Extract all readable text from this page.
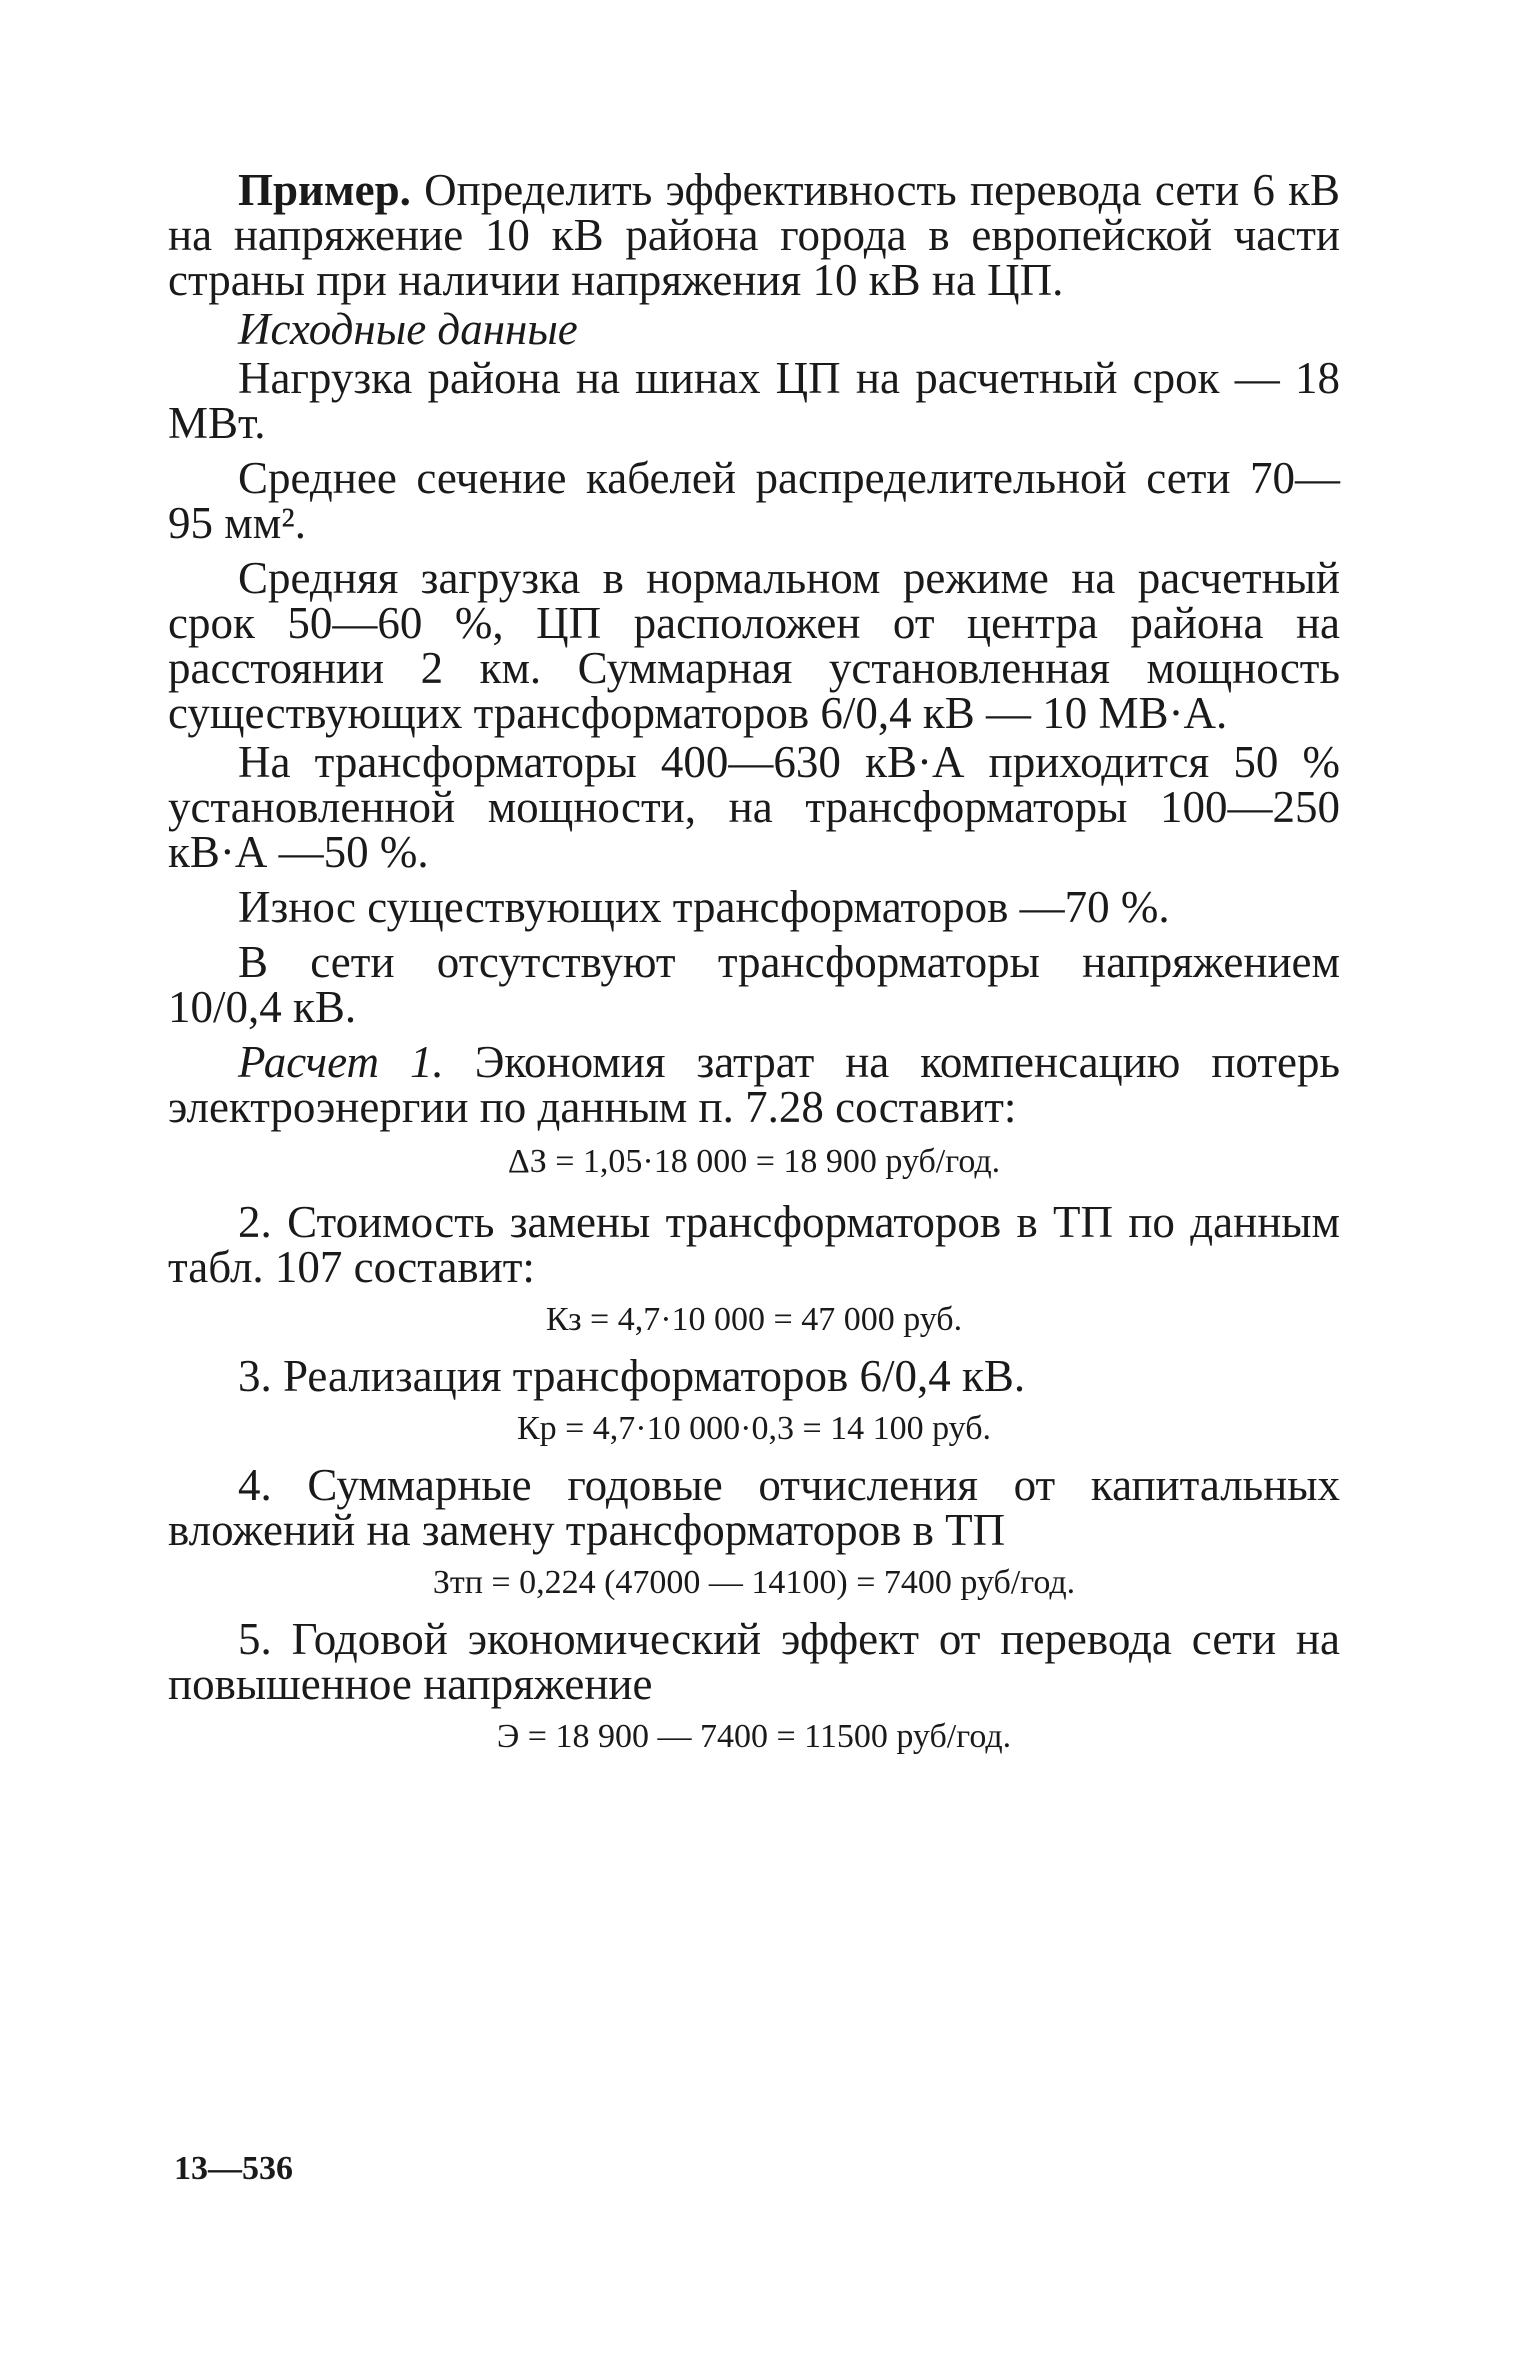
Пример. Определить эффективность перевода сети 6 кВ на напряжение 10 кВ района города в европейской части страны при наличии напряжения 10 кВ на ЦП.

Исходные данные

Нагрузка района на шинах ЦП на расчетный срок — 18 МВт.

Среднее сечение кабелей распределительной сети 70—95 мм².

Средняя загрузка в нормальном режиме на расчетный срок 50—60 %, ЦП расположен от центра района на расстоянии 2 км. Суммарная установленная мощность существующих трансформаторов 6/0,4 кВ — 10 МВ·А.

На трансформаторы 400—630 кВ·А приходится 50 % установленной мощности, на трансформаторы 100—250 кВ·А —50 %.

Износ существующих трансформаторов —70 %.

В сети отсутствуют трансформаторы напряжением 10/0,4 кВ.

Расчет 1. Экономия затрат на компенсацию потерь электроэнергии по данным п. 7.28 составит:

ΔЗ = 1,05·18 000 = 18 900 руб/год.

2. Стоимость замены трансформаторов в ТП по данным табл. 107 составит:

Кз = 4,7·10 000 = 47 000 руб.

3. Реализация трансформаторов 6/0,4 кВ.

Кр = 4,7·10 000·0,3 = 14 100 руб.

4. Суммарные годовые отчисления от капитальных вложений на замену трансформаторов в ТП

Зтп = 0,224 (47000 — 14100) = 7400 руб/год.

5. Годовой экономический эффект от перевода сети на повышенное напряжение

Э = 18 900 — 7400 = 11500 руб/год.
13—536
